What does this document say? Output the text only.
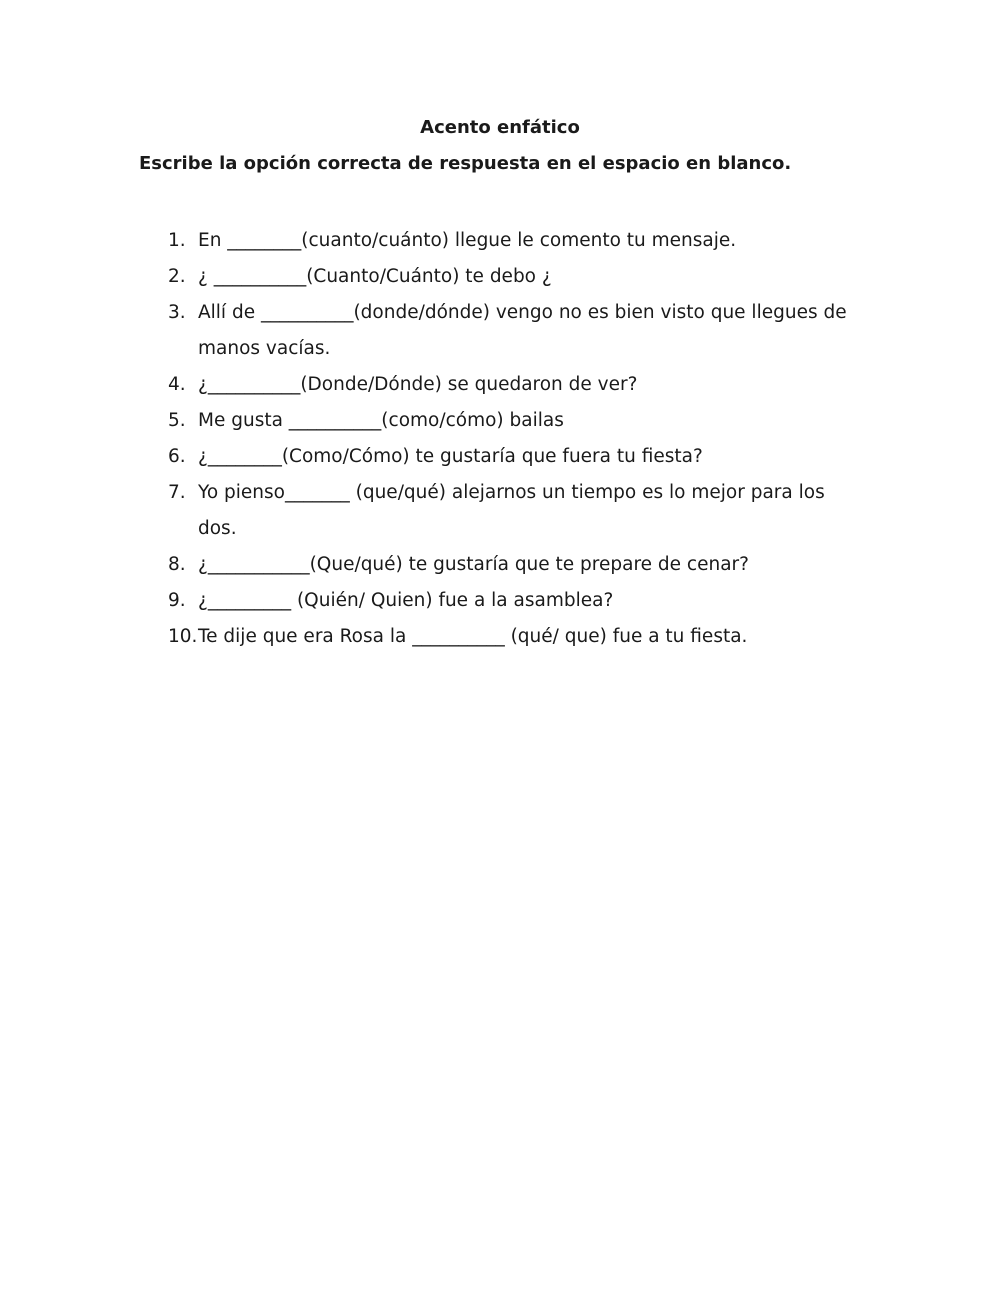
Acento enfático

Escribe la opción correcta de respuesta en el espacio en blanco.

1. En ________(cuanto/cuánto) llegue le comento tu mensaje.
2. ¿ __________(Cuanto/Cuánto) te debo ¿
3. Allí de __________(donde/dónde) vengo no es bien visto que llegues de manos vacías.
4. ¿__________(Donde/Dónde) se quedaron de ver?
5. Me gusta __________(como/cómo) bailas
6. ¿________(Como/Cómo) te gustaría que fuera tu fiesta?
7. Yo pienso_______ (que/qué) alejarnos un tiempo es lo mejor para los dos.
8. ¿___________(Que/qué) te gustaría que te prepare de cenar?
9. ¿_________ (Quién/ Quien) fue a la asamblea?
10. Te dije que era Rosa la __________ (qué/ que) fue a tu fiesta.
